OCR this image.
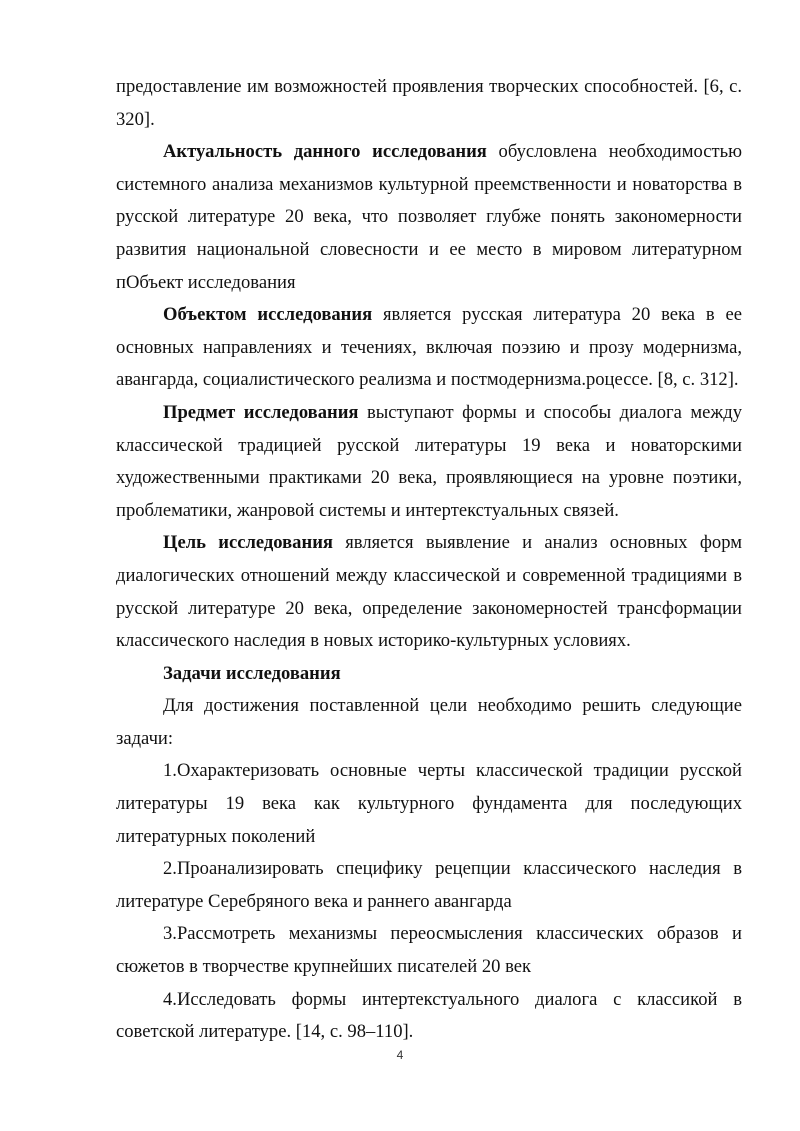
предоставление им возможностей проявления творческих способностей. [6, с. 320].

Актуальность данного исследования обусловлена необходимостью системного анализа механизмов культурной преемственности и новаторства в русской литературе 20 века, что позволяет глубже понять закономерности развития национальной словесности и ее место в мировом литературном пОбъект исследования

Объектом исследования является русская литература 20 века в ее основных направлениях и течениях, включая поэзию и прозу модернизма, авангарда, социалистического реализма и постмодернизма.роцессе. [8, с. 312].

Предмет исследования выступают формы и способы диалога между классической традицией русской литературы 19 века и новаторскими художественными практиками 20 века, проявляющиеся на уровне поэтики, проблематики, жанровой системы и интертекстуальных связей.

Цель исследования является выявление и анализ основных форм диалогических отношений между классической и современной традициями в русской литературе 20 века, определение закономерностей трансформации классического наследия в новых историко-культурных условиях.

Задачи исследования

Для достижения поставленной цели необходимо решить следующие задачи:

1.Охарактеризовать основные черты классической традиции русской литературы 19 века как культурного фундамента для последующих литературных поколений

2.Проанализировать специфику рецепции классического наследия в литературе Серебряного века и раннего авангарда

3.Рассмотреть механизмы переосмысления классических образов и сюжетов в творчестве крупнейших писателей 20 век

4.Исследовать формы интертекстуального диалога с классикой в советской литературе. [14, с. 98–110].

4
